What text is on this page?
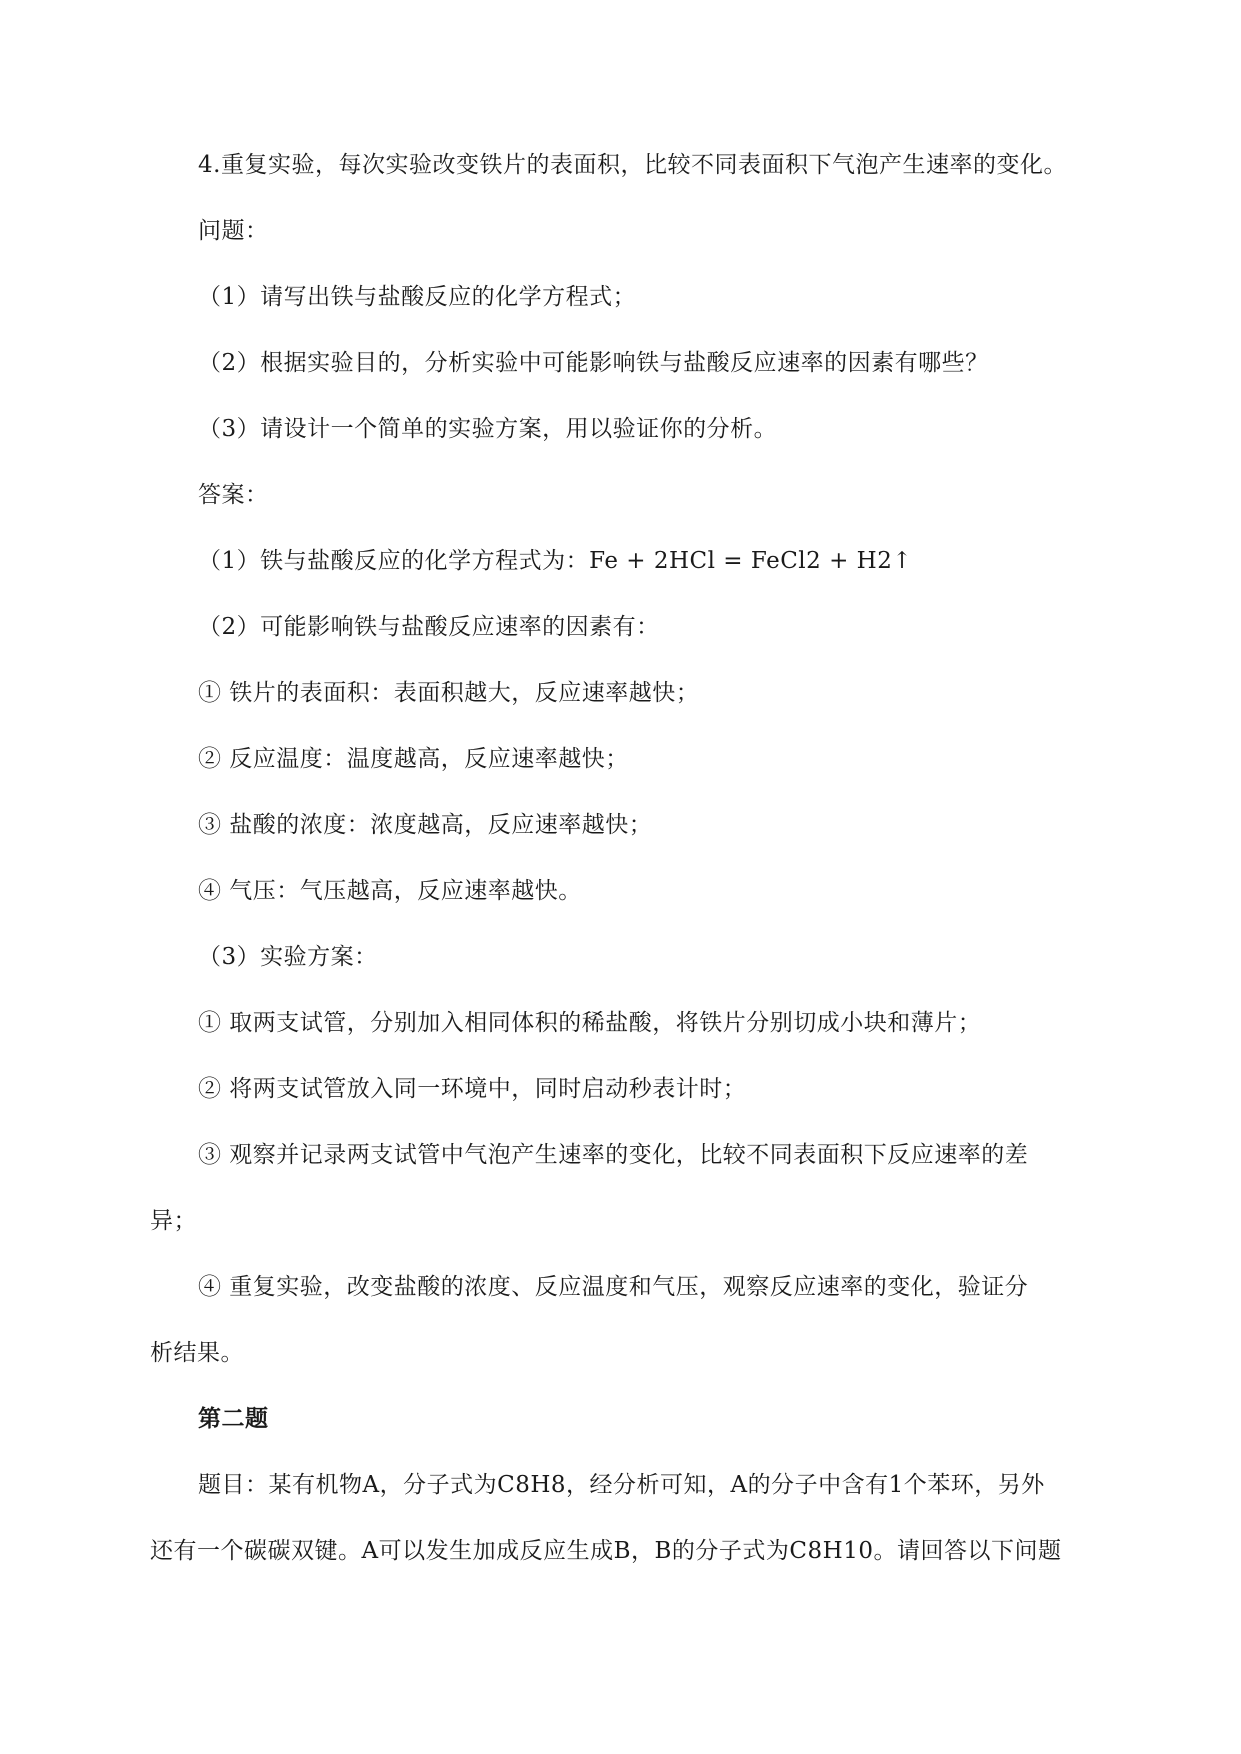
4.重复实验，每次实验改变铁片的表面积，比较不同表面积下气泡产生速率的变化。
问题：
（1）请写出铁与盐酸反应的化学方程式；
（2）根据实验目的，分析实验中可能影响铁与盐酸反应速率的因素有哪些？
（3）请设计一个简单的实验方案，用以验证你的分析。
答案：
（1）铁与盐酸反应的化学方程式为：Fe + 2HCl = FeCl2 + H2↑
（2）可能影响铁与盐酸反应速率的因素有：
① 铁片的表面积：表面积越大，反应速率越快；
② 反应温度：温度越高，反应速率越快；
③ 盐酸的浓度：浓度越高，反应速率越快；
④ 气压：气压越高，反应速率越快。
（3）实验方案：
① 取两支试管，分别加入相同体积的稀盐酸，将铁片分别切成小块和薄片；
② 将两支试管放入同一环境中，同时启动秒表计时；
③ 观察并记录两支试管中气泡产生速率的变化，比较不同表面积下反应速率的差
异；
④ 重复实验，改变盐酸的浓度、反应温度和气压，观察反应速率的变化，验证分
析结果。
第二题
题目：某有机物A，分子式为C8H8，经分析可知，A的分子中含有1个苯环，另外
还有一个碳碳双键。A可以发生加成反应生成B，B的分子式为C8H10。请回答以下问题
